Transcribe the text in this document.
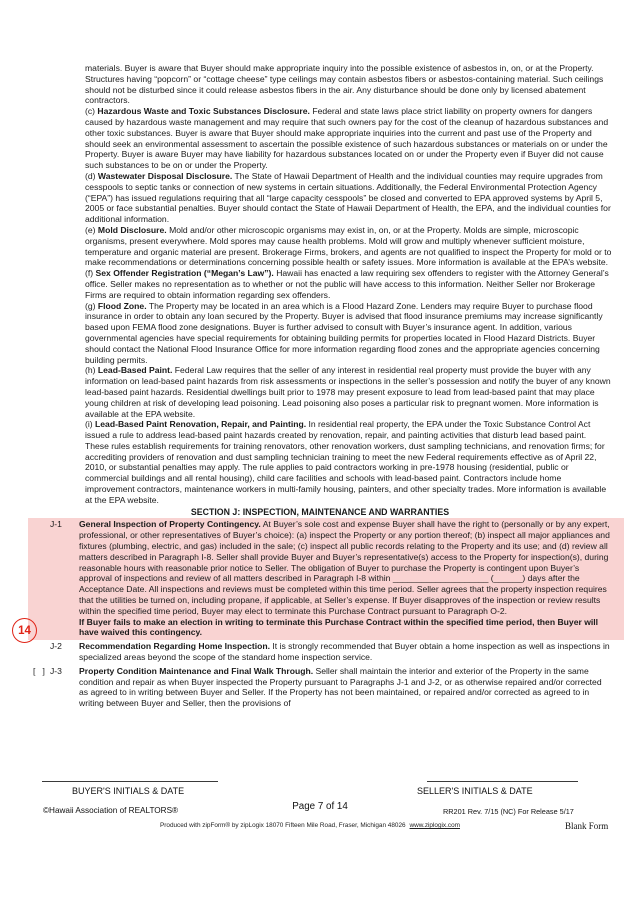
materials. Buyer is aware that Buyer should make appropriate inquiry into the possible existence of asbestos in, on, or at the Property. Structures having “popcorn” or “cottage cheese” type ceilings may contain asbestos fibers or asbestos-containing material. Such ceilings should not be disturbed since it could release asbestos fibers in the air. Any disturbance should be done only by licensed abatement contractors.

(c) Hazardous Waste and Toxic Substances Disclosure. Federal and state laws place strict liability on property owners for dangers caused by hazardous waste management and may require that such owners pay for the cost of the cleanup of hazardous substances and other toxic substances. Buyer is aware that Buyer should make appropriate inquiries into the current and past use of the Property and should seek an environmental assessment to ascertain the possible existence of such hazardous substances or materials on or under the Property. Buyer is aware Buyer may have liability for hazardous substances located on or under the Property even if Buyer did not cause such substances to be on or under the Property.

(d) Wastewater Disposal Disclosure. The State of Hawaii Department of Health and the individual counties may require upgrades from cesspools to septic tanks or connection of new systems in certain situations. Additionally, the Federal Environmental Protection Agency (“EPA”) has issued regulations requiring that all “large capacity cesspools” be closed and converted to EPA approved systems by April 5, 2005 or face substantial penalties. Buyer should contact the State of Hawaii Department of Health, the EPA, and the individual counties for additional information.

(e) Mold Disclosure. Mold and/or other microscopic organisms may exist in, on, or at the Property. Molds are simple, microscopic organisms, present everywhere. Mold spores may cause health problems. Mold will grow and multiply whenever sufficient moisture, temperature and organic material are present. Brokerage Firms, brokers, and agents are not qualified to inspect the Property for mold or to make recommendations or determinations concerning possible health or safety issues. More information is available at the EPA’s website.

(f) Sex Offender Registration (“Megan’s Law”). Hawaii has enacted a law requiring sex offenders to register with the Attorney General’s office. Seller makes no representation as to whether or not the public will have access to this information. Neither Seller nor Brokerage Firms are required to obtain information regarding sex offenders.

(g) Flood Zone. The Property may be located in an area which is a Flood Hazard Zone. Lenders may require Buyer to purchase flood insurance in order to obtain any loan secured by the Property. Buyer is advised that flood insurance premiums may increase significantly based upon FEMA flood zone designations. Buyer is further advised to consult with Buyer’s insurance agent. In addition, various governmental agencies have special requirements for obtaining building permits for properties located in Flood Hazard Districts. Buyer should contact the National Flood Insurance Office for more information regarding flood zones and the appropriate agencies concerning building permits.

(h) Lead-Based Paint. Federal Law requires that the seller of any interest in residential real property must provide the buyer with any information on lead-based paint hazards from risk assessments or inspections in the seller’s possession and notify the buyer of any known lead-based paint hazards. Residential dwellings built prior to 1978 may present exposure to lead from lead-based paint that may place young children at risk of developing lead poisoning. Lead poisoning also poses a particular risk to pregnant women. More information is available at the EPA website.

(i) Lead-Based Paint Renovation, Repair, and Painting. In residential real property, the EPA under the Toxic Substance Control Act issued a rule to address lead-based paint hazards created by renovation, repair, and painting activities that disturb lead based paint. These rules establish requirements for training renovators, other renovation workers, dust sampling technicians, and renovation firms; for accrediting providers of renovation and dust sampling technician training to meet the new Federal requirements effective as of April 22, 2010, or substantial penalties may apply. The rule applies to paid contractors working in pre-1978 housing (residential, public or commercial buildings and all rental housing), child care facilities and schools with lead-based paint. Contractors include home improvement contractors, maintenance workers in multi-family housing, painters, and other specialty trades. More information is available at the EPA website.

SECTION J: INSPECTION, MAINTENANCE AND WARRANTIES
J-1	General Inspection of Property Contingency. At Buyer’s sole cost and expense Buyer shall have the right to (personally or by any expert, professional, or other representatives of Buyer’s choice): (a) inspect the Property or any portion thereof; (b) inspect all major appliances and fixtures (plumbing, electric, and gas) included in the sale; (c) inspect all public records relating to the Property and its use; and (d) review all matters described in Paragraph I-8. Seller shall provide Buyer and Buyer’s representative(s) access to the Property for inspection(s), during reasonable hours with reasonable prior notice to Seller. The obligation of Buyer to purchase the Property is contingent upon Buyer’s approval of inspections and review of all matters described in Paragraph I-8 within ____________________ (______) days after the Acceptance Date. All inspections and reviews must be completed within this time period. Seller agrees that the property inspection requires that the utilities be turned on, including propane, if applicable, at Seller’s expense. If Buyer disapproves of the inspection or review results within the specified time period, Buyer may elect to terminate this Purchase Contract pursuant to Paragraph O-2.
If Buyer fails to make an election in writing to terminate this Purchase Contract within the specified time period, then Buyer will have waived this contingency.
J-2	Recommendation Regarding Home Inspection. It is strongly recommended that Buyer obtain a home inspection as well as inspections in specialized areas beyond the scope of the standard home inspection service.
[   ] J-3	Property Condition Maintenance and Final Walk Through. Seller shall maintain the interior and exterior of the Property in the same condition and repair as when Buyer inspected the Property pursuant to Paragraphs J-1 and J-2, or as otherwise repaired and/or corrected as agreed to in writing between Buyer and Seller. If the Property has not been maintained, or repaired and/or corrected as agreed to in writing between Buyer and Seller, then the provisions of
14
BUYER'S INITIALS & DATE	SELLER'S INITIALS & DATE
©Hawaii Association of REALTORS®	Page 7 of 14	RR201 Rev. 7/15 (NC) For Release 5/17
Produced with zipForm® by zipLogix 18070 Fifteen Mile Road, Fraser, Michigan 48026 www.ziplogix.com	Blank Form
